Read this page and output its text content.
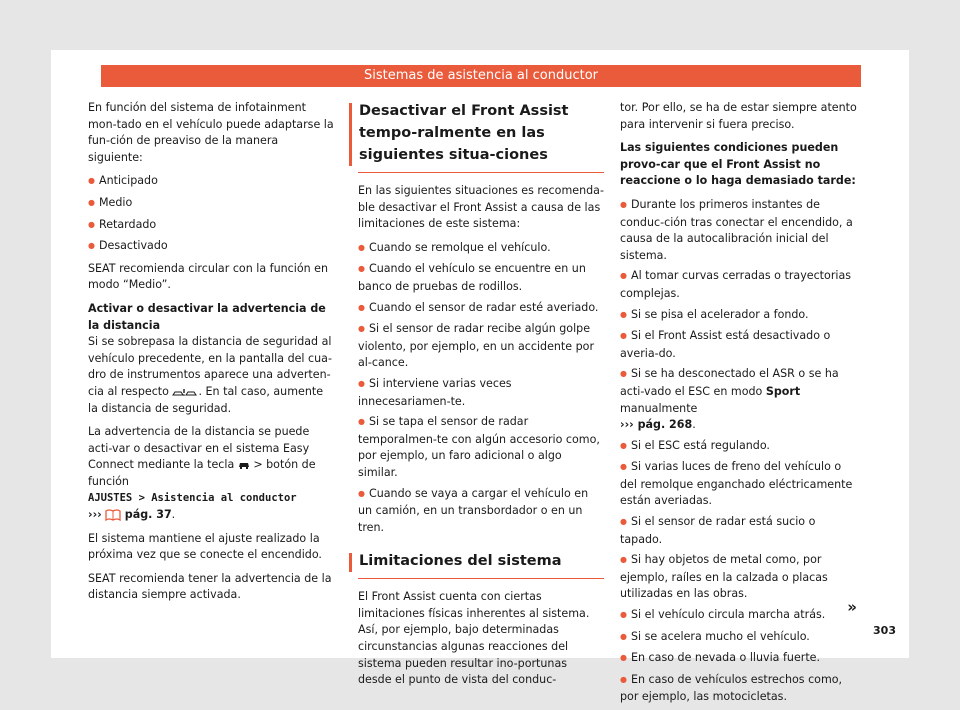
Sistemas de asistencia al conductor

En función del sistema de infotainment mon-tado en el vehículo puede adaptarse la fun-ción de preaviso de la manera siguiente:

● Anticipado
● Medio
● Retardado
● Desactivado

SEAT recomienda circular con la función en modo “Medio”.

Activar o desactivar la advertencia de la distancia

Si se sobrepasa la distancia de seguridad al vehículo precedente, en la pantalla del cua-dro de instrumentos aparece una adverten-cia al respecto	. En tal caso, aumente la distancia de seguridad.

La advertencia de la distancia se puede acti-var o desactivar en el sistema Easy Connect mediante la tecla > botón de función
AJUSTES > Asistencia al conductor
››› pág. 37.

El sistema mantiene el ajuste realizado la próxima vez que se conecte el encendido.

SEAT recomienda tener la advertencia de la distancia siempre activada.

Desactivar el Front Assist tempo-ralmente en las siguientes situa-ciones

En las siguientes situaciones es recomenda-ble desactivar el Front Assist a causa de las limitaciones de este sistema:

● Cuando se remolque el vehículo.
● Cuando el vehículo se encuentre en un banco de pruebas de rodillos.
● Cuando el sensor de radar esté averiado.
● Si el sensor de radar recibe algún golpe violento, por ejemplo, en un accidente por al-cance.
● Si interviene varias veces innecesariamen-te.
● Si se tapa el sensor de radar temporalmen-te con algún accesorio como, por ejemplo, un faro adicional o algo similar.
● Cuando se vaya a cargar el vehículo en un camión, en un transbordador o en un tren.

Limitaciones del sistema

El Front Assist cuenta con ciertas limitaciones físicas inherentes al sistema. Así, por ejemplo, bajo determinadas circunstancias algunas reacciones del sistema pueden resultar ino-portunas desde el punto de vista del conduc-

tor. Por ello, se ha de estar siempre atento para intervenir si fuera preciso.

Las siguientes condiciones pueden provo-car que el Front Assist no reaccione o lo haga demasiado tarde:

● Durante los primeros instantes de conduc-ción tras conectar el encendido, a causa de la autocalibración inicial del sistema.
● Al tomar curvas cerradas o trayectorias complejas.
● Si se pisa el acelerador a fondo.
● Si el Front Assist está desactivado o averia-do.
● Si se ha desconectado el ASR o se ha acti-vado el ESC en modo Sport manualmente
››› pág. 268.
● Si el ESC está regulando.
● Si varias luces de freno del vehículo o del remolque enganchado eléctricamente están averiadas.
● Si el sensor de radar está sucio o tapado.
● Si hay objetos de metal como, por ejemplo, raíles en la calzada o placas utilizadas en las obras.
● Si el vehículo circula marcha atrás.
● Si se acelera mucho el vehículo.
● En caso de nevada o lluvia fuerte.
● En caso de vehículos estrechos como, por ejemplo, las motocicletas.
»
303
